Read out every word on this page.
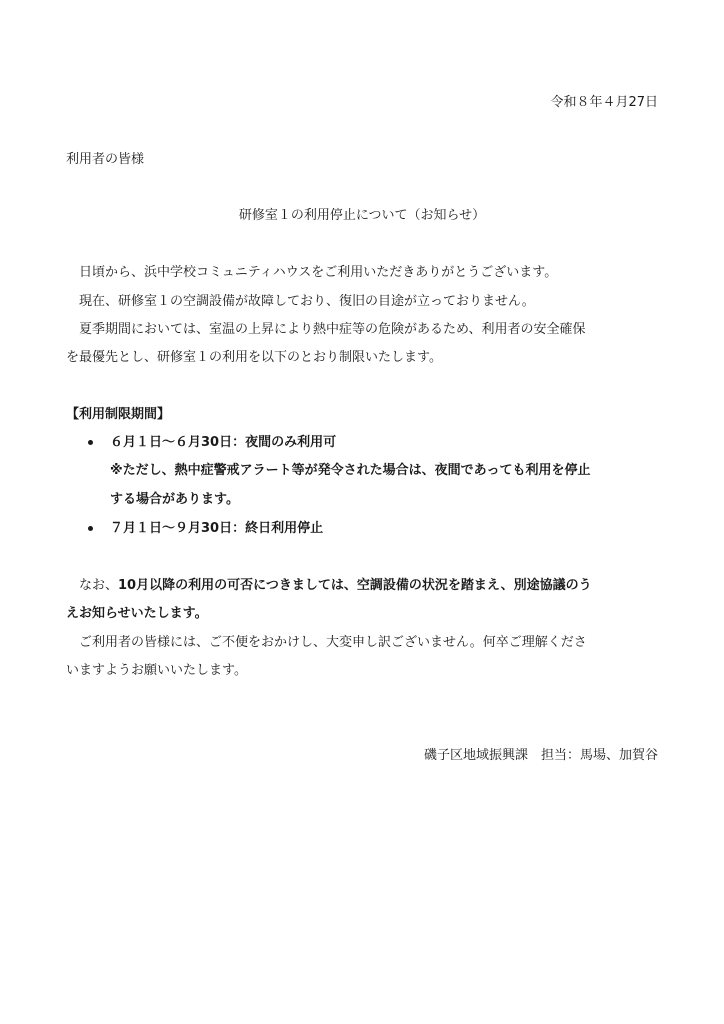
令和８年４月27日
利用者の皆様
研修室１の利用停止について（お知らせ）
　日頃から、浜中学校コミュニティハウスをご利用いただきありがとうございます。
　現在、研修室１の空調設備が故障しており、復旧の目途が立っておりません。
　夏季期間においては、室温の上昇により熱中症等の危険があるため、利用者の安全確保
を最優先とし、研修室１の利用を以下のとおり制限いたします。
【利用制限期間】
６月１日〜６月30日：夜間のみ利用可
※ただし、熱中症警戒アラート等が発令された場合は、夜間であっても利用を停止
する場合があります。
７月１日〜９月30日：終日利用停止
　なお、10月以降の利用の可否につきましては、空調設備の状況を踏まえ、別途協議のう
えお知らせいたします。
　ご利用者の皆様には、ご不便をおかけし、大変申し訳ございません。何卒ご理解くださ
いますようお願いいたします。
磯子区地域振興課　担当：馬場、加賀谷
